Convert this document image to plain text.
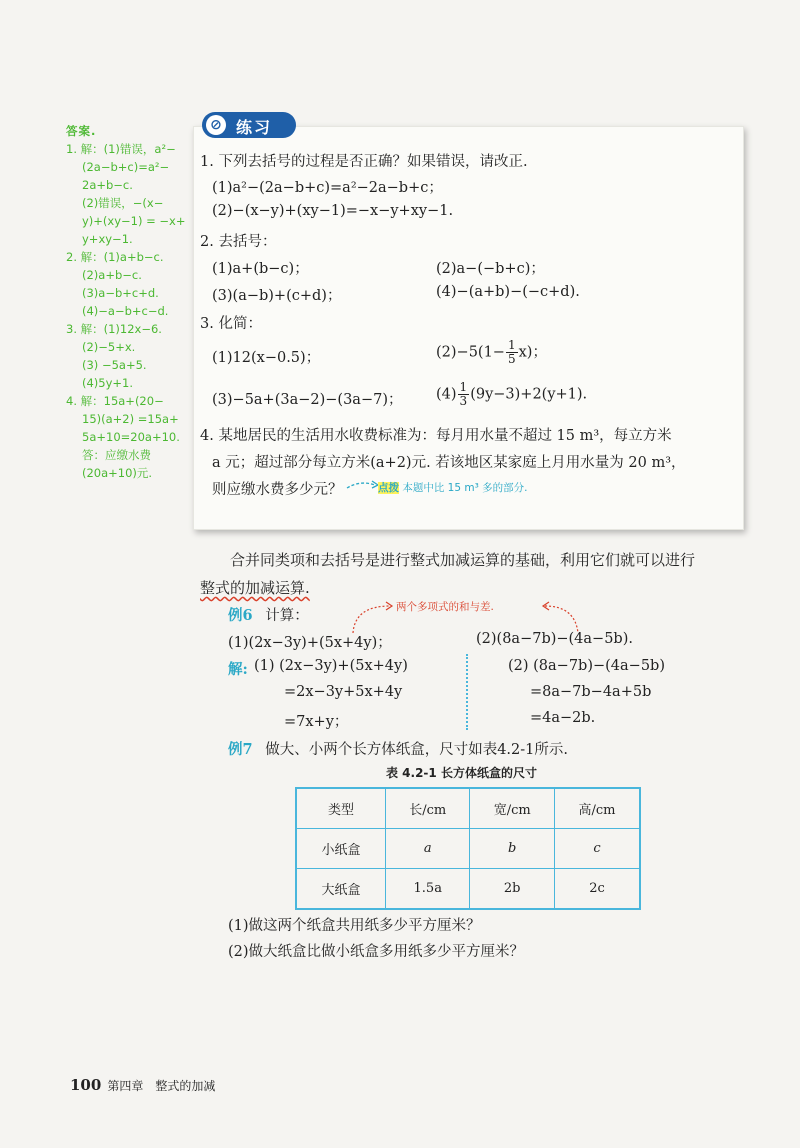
答案.
1. 解：(1)错误，a²−
(2a−b+c)=a²−
2a+b−c.
(2)错误，−(x−
y)+(xy−1) = −x+
y+xy−1.
2. 解：(1)a+b−c.
(2)a+b−c.
(3)a−b+c+d.
(4)−a−b+c−d.
3. 解：(1)12x−6.
(2)−5+x.
(3) −5a+5.
(4)5y+1.
4. 解：15a+(20−
15)(a+2) =15a+
5a+10=20a+10.
答：应缴水费
(20a+10)元.
⊘ 练习
1. 下列去括号的过程是否正确？如果错误，请改正.
(1)a²−(2a−b+c)=a²−2a−b+c；
(2)−(x−y)+(xy−1)=−x−y+xy−1.
2. 去括号：
(1)a+(b−c)；	(2)a−(−b+c)；
(3)(a−b)+(c+d)；	(4)−(a+b)−(−c+d).
3. 化简：
(1)12(x−0.5)；	$(2)-5(1- \frac{1}{5} x)$；
(3)−5a+(3a−2)−(3a−7)； $(4) \frac{1}{3} (9y-3)+2(y+1)$.
4. 某地居民的生活用水收费标准为：每月用水量不超过 15 m³，每立方米
a 元；超过部分每立方米(a+2)元. 若该地区某家庭上月用水量为 20 m³，
则应缴水费多少元？	点拨 本题中比 15 m³ 多的部分.
合并同类项和去括号是进行整式加减运算的基础，利用它们就可以进行
整式的加减运算.
例6 计算：
两个多项式的和与差.
(1)(2x−3y)+(5x+4y)；	(2)(8a−7b)−(4a−5b).
解: (1) (2x−3y)+(5x+4y)
=2x−3y+5x+4y
=7x+y；
(2) (8a−7b)−(4a−5b)
=8a−7b−4a+5b
=4a−2b.
例7 做大、小两个长方体纸盒，尺寸如表4.2-1所示.
表 4.2-1 长方体纸盒的尺寸
类型	长/cm	宽/cm	高/cm
小纸盒	a	b	c
大纸盒	1.5a	2b	2c
(1)做这两个纸盒共用纸多少平方厘米？
(2)做大纸盒比做小纸盒多用纸多少平方厘米？
100 第四章　整式的加减
